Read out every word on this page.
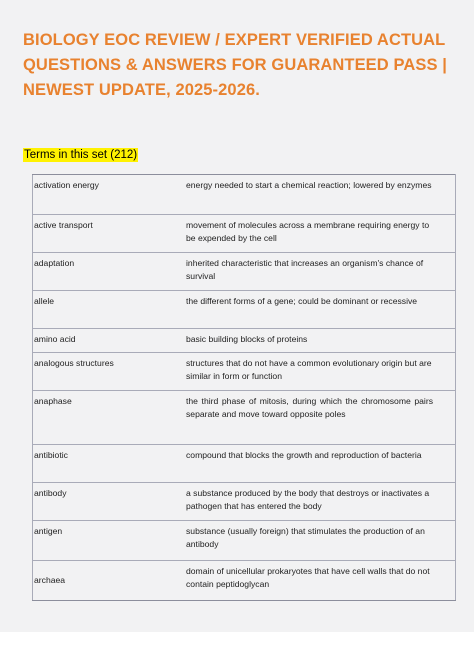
BIOLOGY EOC REVIEW / EXPERT VERIFIED ACTUAL QUESTIONS & ANSWERS FOR GUARANTEED PASS | NEWEST UPDATE, 2025-2026.
Terms in this set (212)
activation energy	energy needed to start a chemical reaction; lowered by enzymes
active transport	movement of molecules across a membrane requiring energy to be expended by the cell
adaptation	inherited characteristic that increases an organism's chance of survival
allele	the different forms of a gene; could be dominant or recessive
amino acid	basic building blocks of proteins
analogous structures	structures that do not have a common evolutionary origin but are similar in form or function
anaphase	the third phase of mitosis, during which the chromosome pairs separate and move toward opposite poles
antibiotic	compound that blocks the growth and reproduction of bacteria
antibody	a substance produced by the body that destroys or inactivates a pathogen that has entered the body
antigen	substance (usually foreign) that stimulates the production of an antibody
archaea	domain of unicellular prokaryotes that have cell walls that do not contain peptidoglycan
